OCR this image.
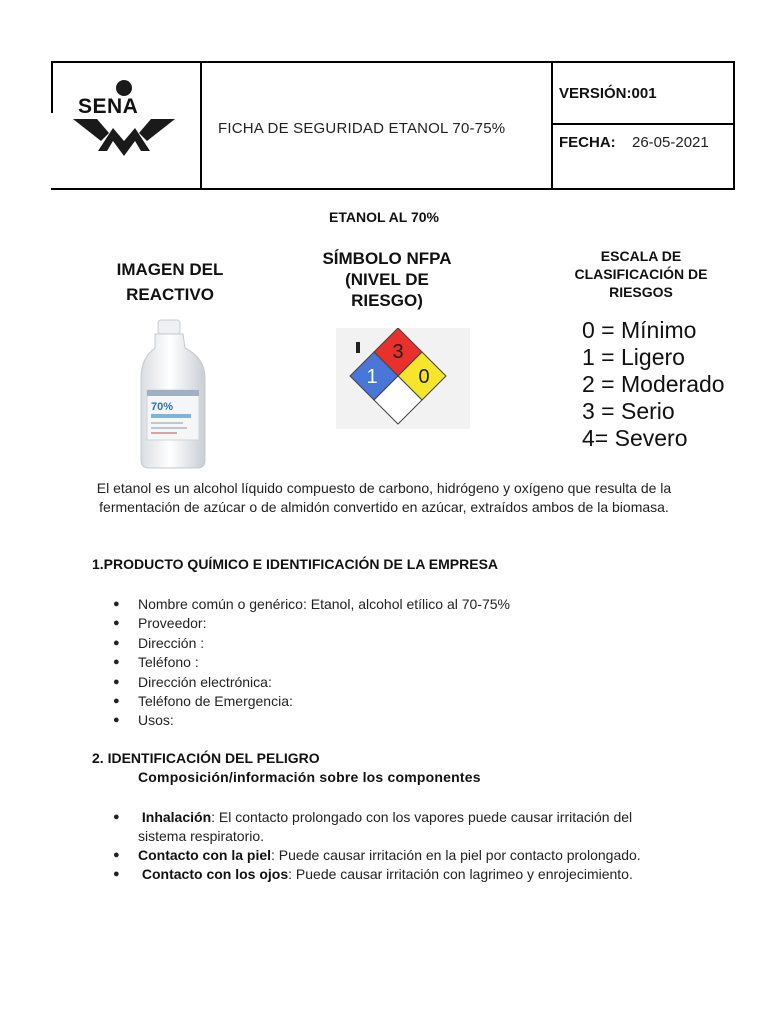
SENA
FICHA DE SEGURIDAD ETANOL 70-75%
VERSIÓN:001
FECHA: 26-05-2021
ETANOL AL 70%
IMAGEN DEL REACTIVO
SÍMBOLO NFPA (NIVEL DE RIESGO)
ESCALA DE CLASIFICACIÓN DE RIESGOS
70%
3
1 0
0 = Mínimo
1 = Ligero
2 = Moderado
3 = Serio
4= Severo
El etanol es un alcohol líquido compuesto de carbono, hidrógeno y oxígeno que resulta de la fermentación de azúcar o de almidón convertido en azúcar, extraídos ambos de la biomasa.
1.PRODUCTO QUÍMICO E IDENTIFICACIÓN DE LA EMPRESA
● Nombre común o genérico: Etanol, alcohol etílico al 70-75%
● Proveedor:
● Dirección :
● Teléfono :
● Dirección electrónica:
● Teléfono de Emergencia:
● Usos:
2. IDENTIFICACIÓN DEL PELIGRO
Composición/información sobre los componentes
● Inhalación: El contacto prolongado con los vapores puede causar irritación del sistema respiratorio.
● Contacto con la piel: Puede causar irritación en la piel por contacto prolongado.
● Contacto con los ojos: Puede causar irritación con lagrimeo y enrojecimiento.
